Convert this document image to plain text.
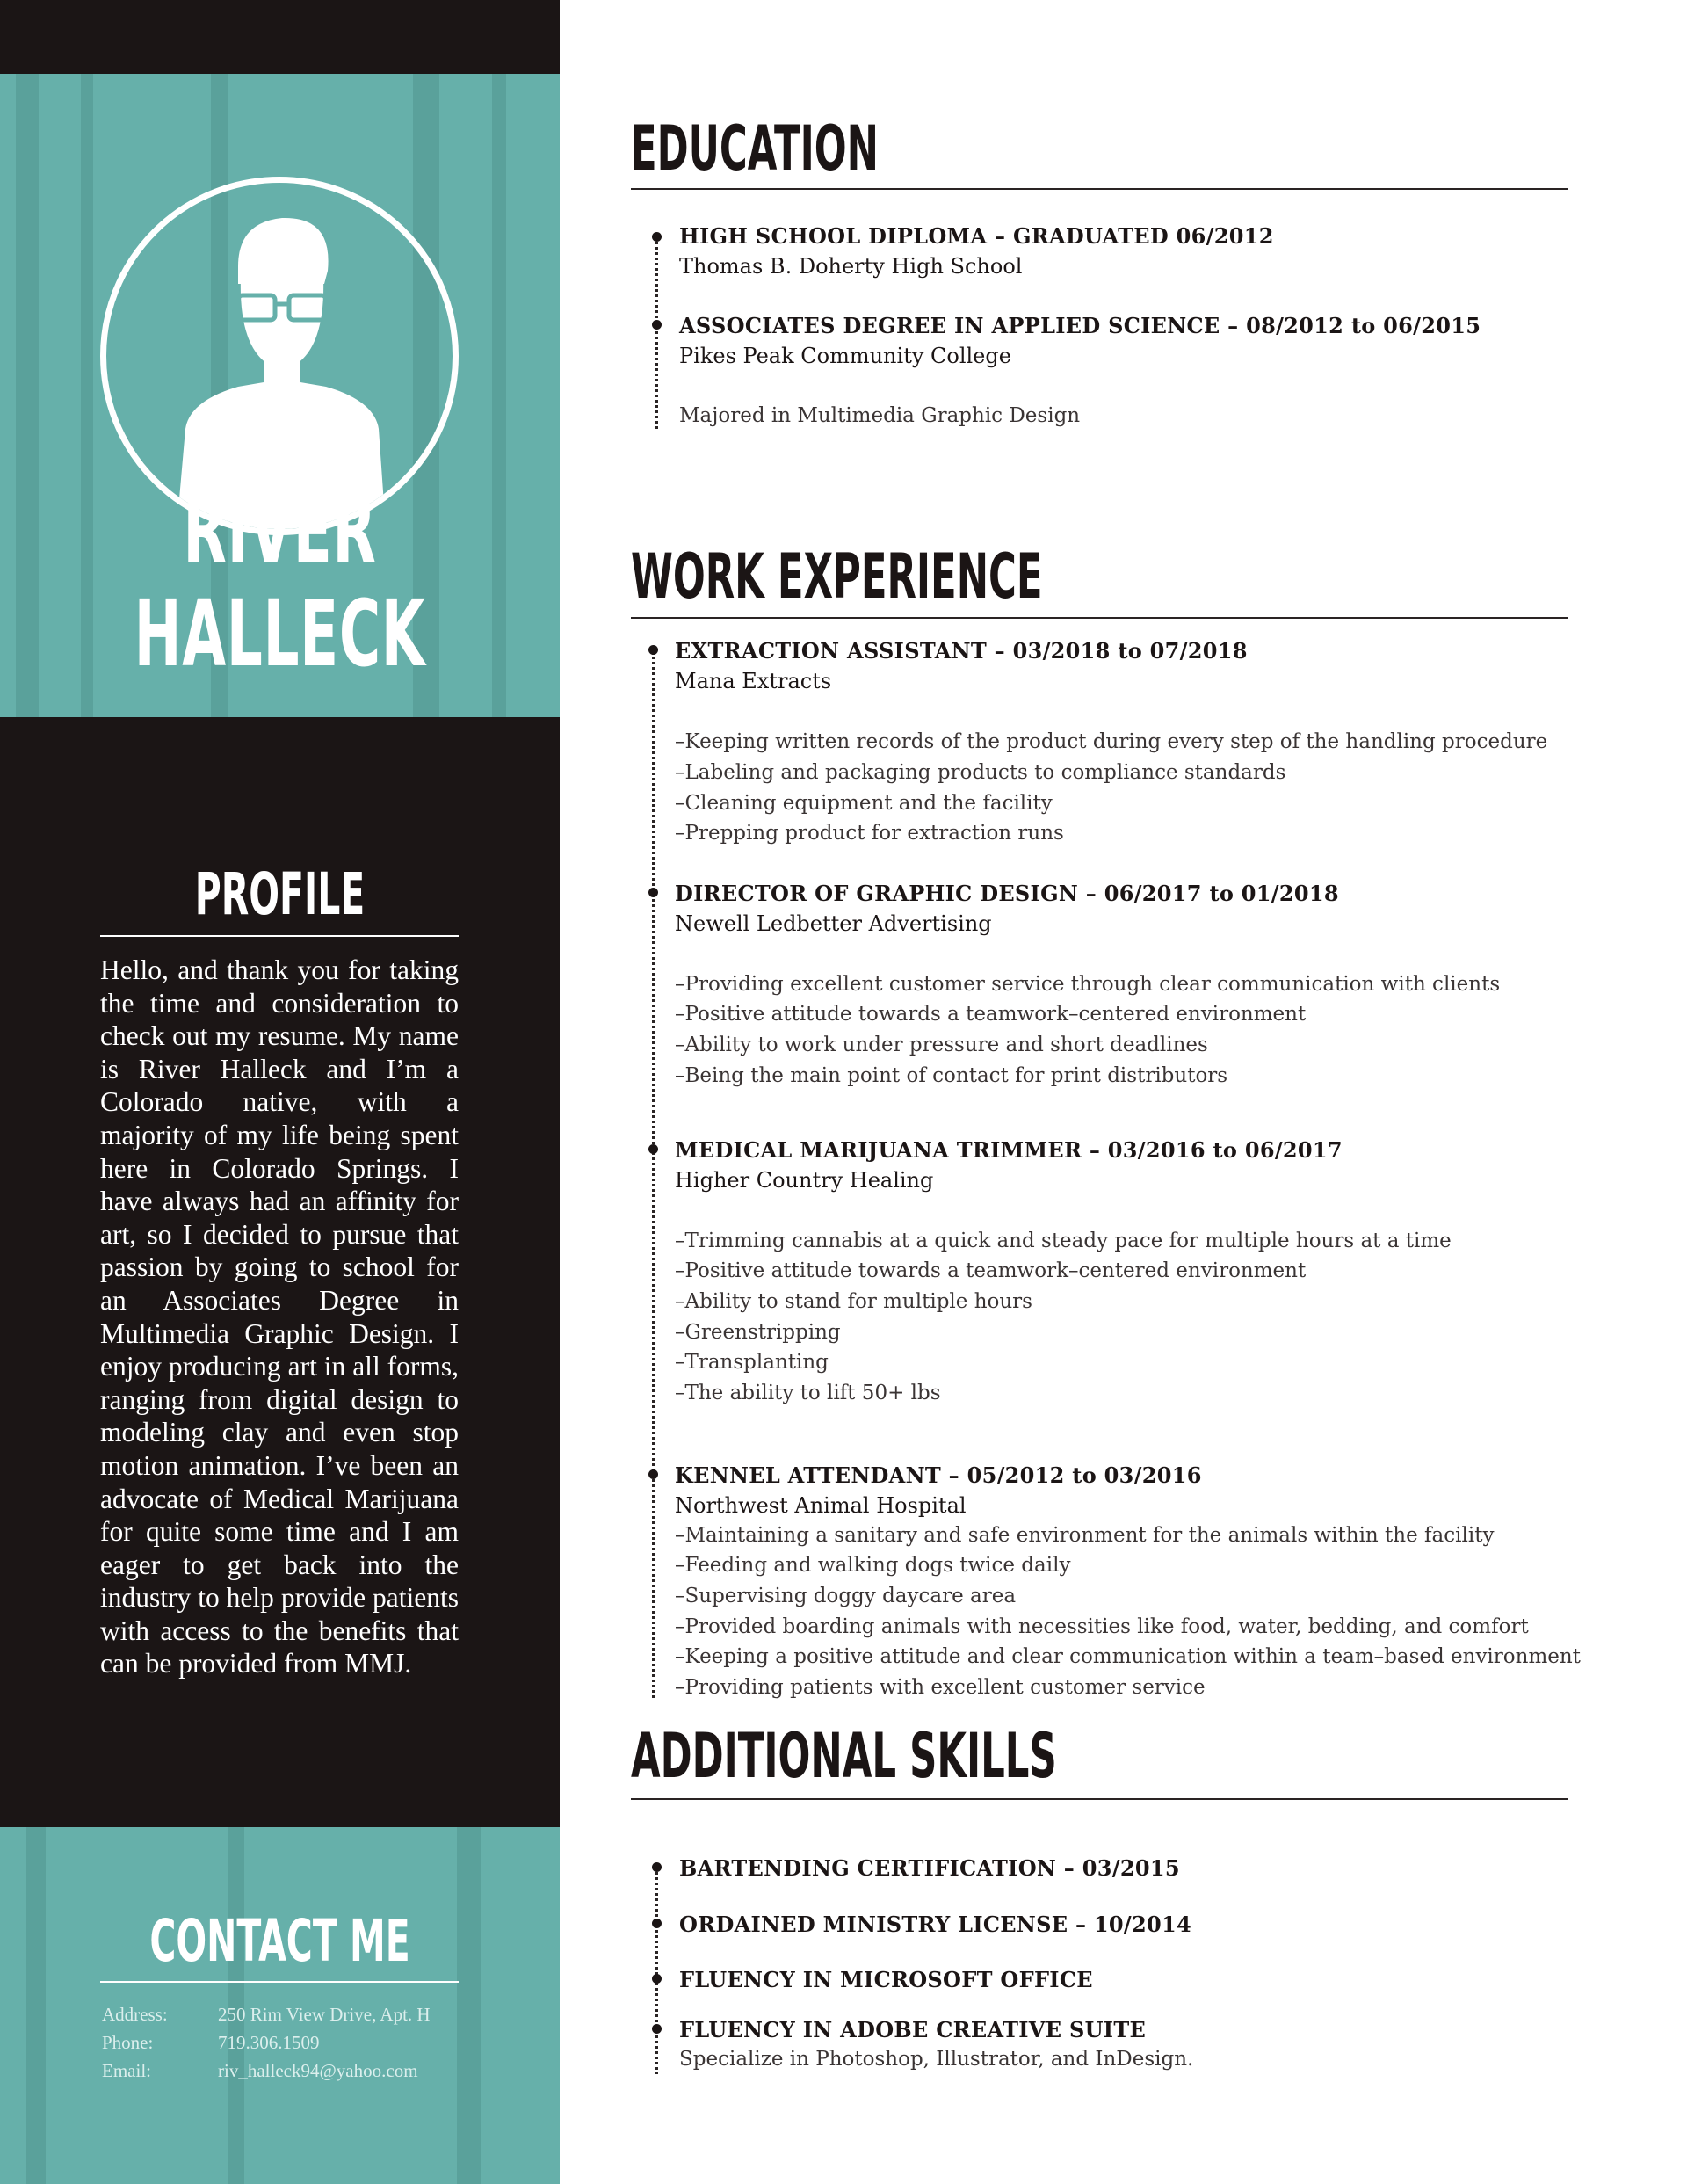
RIVER
HALLECK
PROFILE

Hello, and thank you for taking the time and consideration to check out my resume. My name is River Halleck and I’m a Colorado native, with a majority of my life being spent here in Colorado Springs. I have always had an affinity for art, so I decided to pursue that passion by going to school for an Associates Degree in Multimedia Graphic Design. I enjoy producing art in all forms, ranging from digital design to modeling clay and even stop motion animation. I’ve been an advocate of Medical Marijuana for quite some time and I am eager to get back into the industry to help provide patients with access to the benefits that can be provided from MMJ.

CONTACT ME
Address:	250 Rim View Drive, Apt. H
Phone:	719.306.1509
Email:	riv_halleck94@yahoo.com
EDUCATION
HIGH SCHOOL DIPLOMA – GRADUATED 06/2012
Thomas B. Doherty High School
ASSOCIATES DEGREE IN APPLIED SCIENCE – 08/2012 to 06/2015
Pikes Peak Community College
Majored in Multimedia Graphic Design
WORK EXPERIENCE
EXTRACTION ASSISTANT – 03/2018 to 07/2018
Mana Extracts
–Keeping written records of the product during every step of the handling procedure
–Labeling and packaging products to compliance standards
–Cleaning equipment and the facility
–Prepping product for extraction runs
DIRECTOR OF GRAPHIC DESIGN – 06/2017 to 01/2018
Newell Ledbetter Advertising
–Providing excellent customer service through clear communication with clients
–Positive attitude towards a teamwork–centered environment
–Ability to work under pressure and short deadlines
–Being the main point of contact for print distributors
MEDICAL MARIJUANA TRIMMER – 03/2016 to 06/2017
Higher Country Healing
–Trimming cannabis at a quick and steady pace for multiple hours at a time
–Positive attitude towards a teamwork–centered environment
–Ability to stand for multiple hours
–Greenstripping
–Transplanting
–The ability to lift 50+ lbs
KENNEL ATTENDANT – 05/2012 to 03/2016
Northwest Animal Hospital
–Maintaining a sanitary and safe environment for the animals within the facility
–Feeding and walking dogs twice daily
–Supervising doggy daycare area
–Provided boarding animals with necessities like food, water, bedding, and comfort
–Keeping a positive attitude and clear communication within a team–based environment
–Providing patients with excellent customer service
ADDITIONAL SKILLS
BARTENDING CERTIFICATION – 03/2015
ORDAINED MINISTRY LICENSE – 10/2014
FLUENCY IN MICROSOFT OFFICE
FLUENCY IN ADOBE CREATIVE SUITE
Specialize in Photoshop, Illustrator, and InDesign.
